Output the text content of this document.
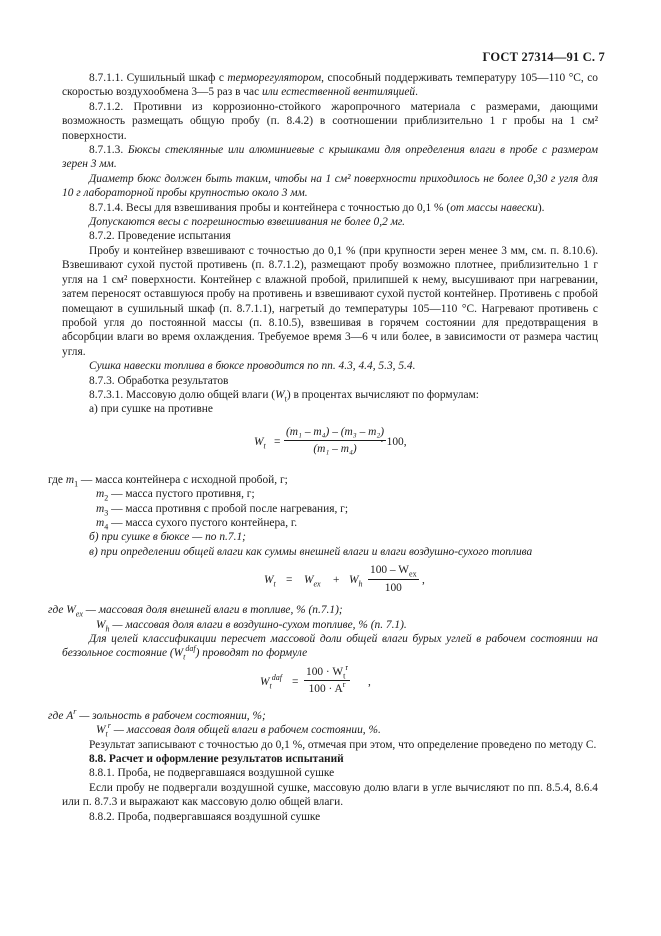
ГОСТ 27314—91 С. 7

8.7.1.1. Сушильный шкаф с терморегулятором, способный поддерживать температуру 105—110 °С, со скоростью воздухообмена 3—5 раз в час или естественной вентиляцией.

8.7.1.2. Противни из коррозионно-стойкого жаропрочного материала с размерами, дающими возможность размещать общую пробу (п. 8.4.2) в соотношении приблизительно 1 г пробы на 1 см² поверхности.

8.7.1.3. Бюксы стеклянные или алюминиевые с крышками для определения влаги в пробе с размером зерен 3 мм.

Диаметр бюкс должен быть таким, чтобы на 1 см² поверхности приходилось не более 0,30 г угля для 10 г лабораторной пробы крупностью около 3 мм.

8.7.1.4. Весы для взвешивания пробы и контейнера с точностью до 0,1 % (от массы навески).

Допускаются весы с погрешностью взвешивания не более 0,2 мг.

8.7.2. Проведение испытания

Пробу и контейнер взвешивают с точностью до 0,1 % (при крупности зерен менее 3 мм, см. п. 8.10.6). Взвешивают сухой пустой противень (п. 8.7.1.2), размещают пробу возможно плотнее, приблизительно 1 г угля на 1 см² поверхности. Контейнер с влажной пробой, прилипшей к нему, высушивают при нагревании, затем переносят оставшуюся пробу на противень и взвешивают сухой пустой контейнер. Противень с пробой помещают в сушильный шкаф (п. 8.7.1.1), нагретый до температуры 105—110 °С. Нагревают противень с пробой угля до постоянной массы (п. 8.10.5), взвешивая в горячем состоянии для предотвращения в абсорбции влаги во время охлаждения. Требуемое время 3—6 ч или более, в зависимости от размера частиц угля.

Сушка навески топлива в бюксе проводится по пп. 4.3, 4.4, 5.3, 5.4.

8.7.3. Обработка результатов

8.7.3.1. Массовую долю общей влаги $(W_t)$ в процентах вычисляют по формулам:

а) при сушке на противне

$W_t = \frac{\text{(m₁ – m₄) – (m₃ – m₂)}}{\text{(m₁ – m₄)}}$
· 100,

где $m_1$ — масса контейнера с исходной пробой, г;

$m_2$ — масса пустого противня, г;

$m_3$ — масса противня с пробой после нагревания, г;

$m_4$ — масса сухого пустого контейнера, г.

б) при сушке в бюксе — по п.7.1;

в) при определении общей влаги как суммы внешней влаги и влаги воздушно-сухого топлива

$W_t = W_{ex} + W_h$
$100 - W_{ex}$
100
,

где $W_{ex}$ — массовая доля внешней влаги в топливе, % (п.7.1);

$W_h$ — массовая доля влаги в воздушно-сухом топливе, % (п. 7.1).

Для целей классификации пересчет массовой доли общей влаги бурых углей в рабочем состоянии на беззольное состояние $(W_t^{daf})$ проводят по формуле

$W_t^{daf}$ =
$100 \cdot W_t^r$
$100 \cdot A^r$	,

где $A^r$ — зольность в рабочем состоянии, %;

$W_t^r$ — массовая доля общей влаги в рабочем состоянии, %.

Результат записывают с точностью до 0,1 %, отмечая при этом, что определение проведено по методу С.

8.8. Расчет и оформление результатов испытаний

8.8.1. Проба, не подвергавшаяся воздушной сушке

Если пробу не подвергали воздушной сушке, массовую долю влаги в угле вычисляют по пп. 8.5.4, 8.6.4 или п. 8.7.3 и выражают как массовую долю общей влаги.

8.8.2. Проба, подвергавшаяся воздушной сушке
